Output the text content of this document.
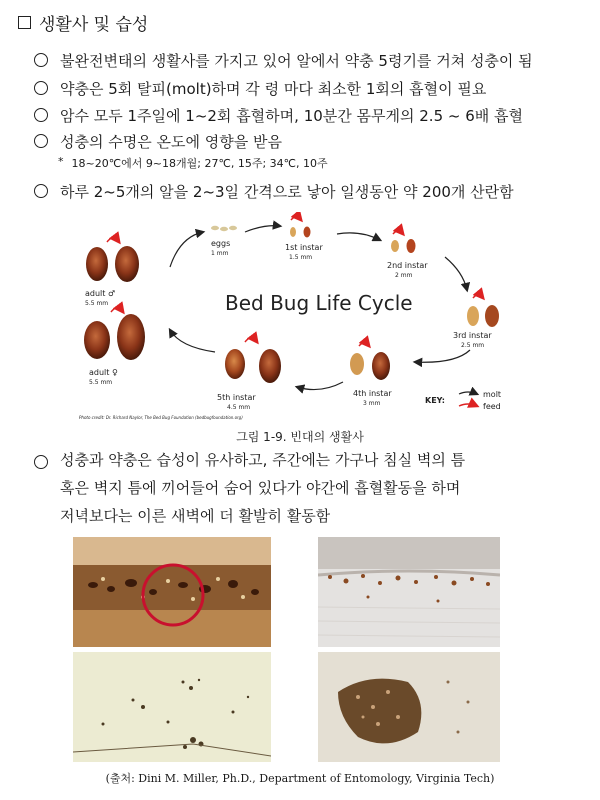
생활사 및 습성
불완전변태의 생활사를 가지고 있어 알에서 약충 5령기를 거쳐 성충이 됨
약충은 5회 탈피(molt)하며 각 령 마다 최소한 1회의 흡혈이 필요
암수 모두 1주일에 1~2회 흡혈하며, 10분간 몸무게의 2.5 ~ 6배 흡혈
성충의 수명은 온도에 영향을 받음
* 18~20℃에서 9~18개월; 27℃, 15주; 34℃, 10주
하루 2~5개의 알을 2~3일 간격으로 낳아 일생동안 약 200개 산란함
adult ♂
5.5 mm
adult ♀
5.5 mm
eggs
1 mm
1st instar
1.5 mm
2nd instar
2 mm
3rd instar
2.5 mm
4th instar
3 mm
5th instar
4.5 mm
Bed Bug Life Cycle
KEY:
molt
feed
Photo credit: Dr. Richard Naylor, The Bed Bug Foundation (bedbugfoundation.org)
그림 1-9. 빈대의 생활사
성충과 약충은 습성이 유사하고, 주간에는 가구나 침실 벽의 틈
혹은 벽지 틈에 끼어들어 숨어 있다가 야간에 흡혈활동을 하며
저녁보다는 이른 새벽에 더 활발히 활동함
(출처: Dini M. Miller, Ph.D., Department of Entomology, Virginia Tech)
